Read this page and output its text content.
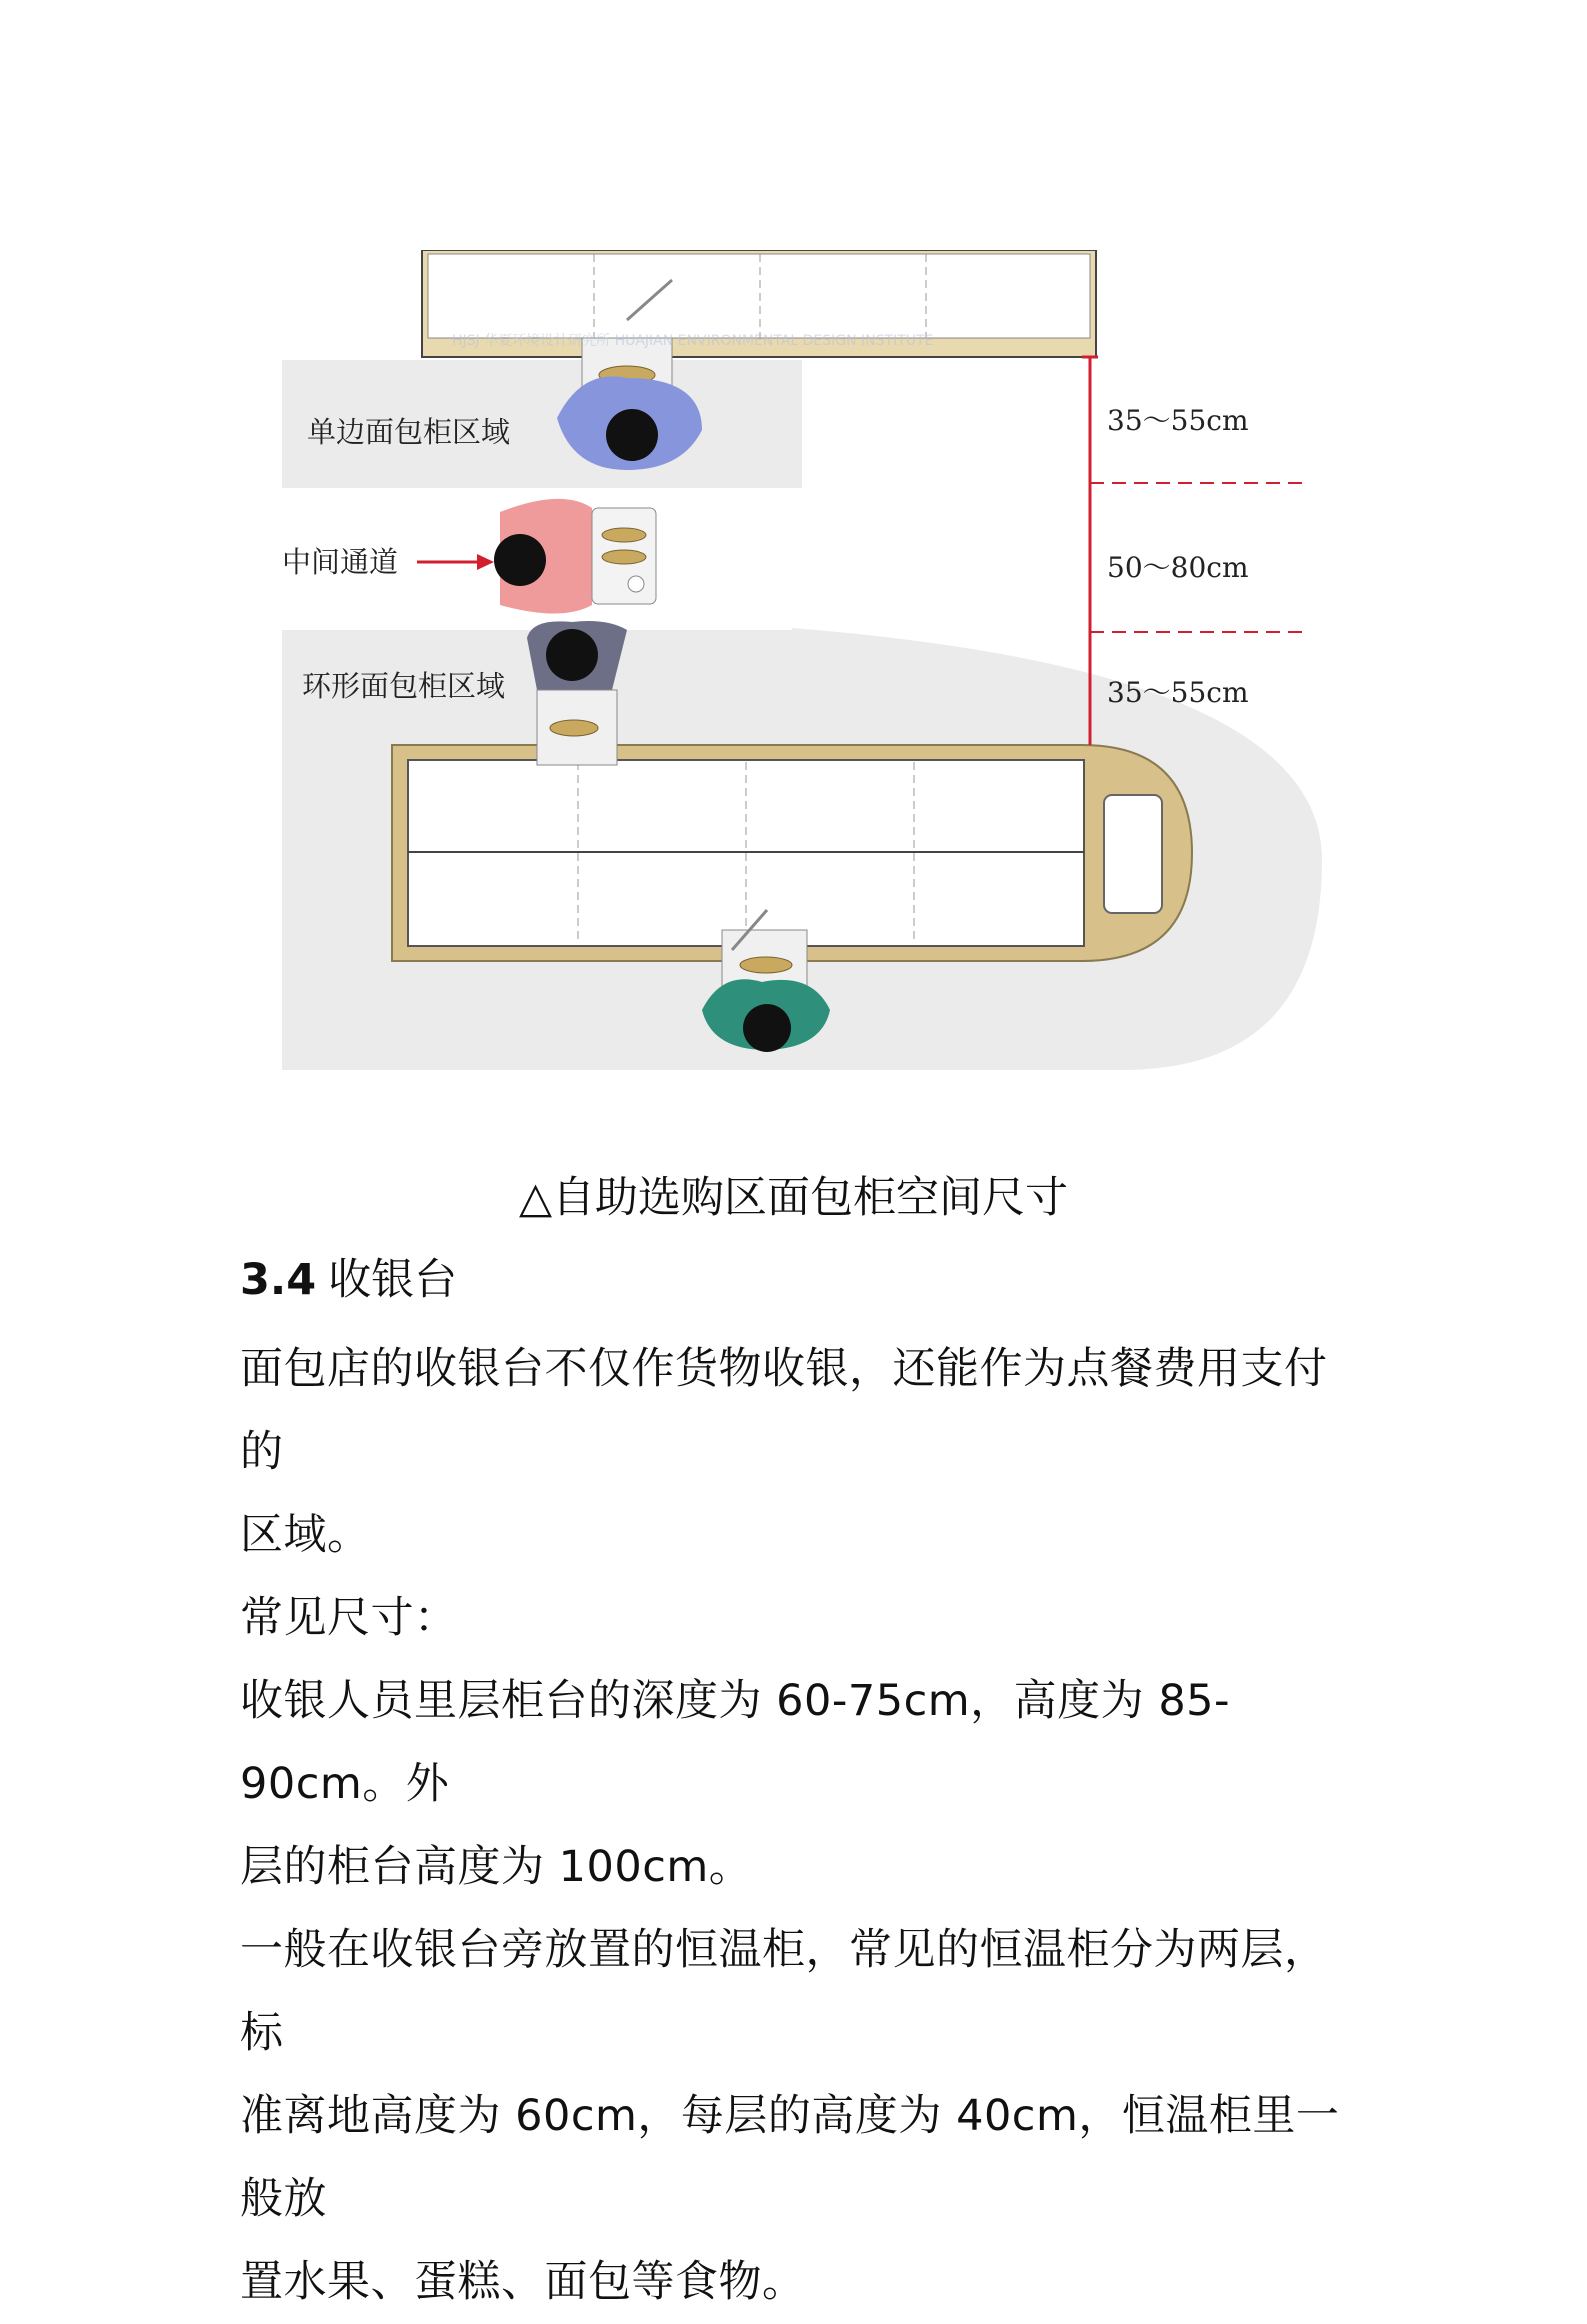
单边面包柜区域
中间通道
环形面包柜区域
35～55cm
50～80cm
35～55cm
HJSJ 华夏环境设计研究所 HUAJIAN ENVIRONMENTAL DESIGN INSTITUTE
△自助选购区面包柜空间尺寸
3.4 收银台

面包店的收银台不仅作货物收银，还能作为点餐费用支付的

区域。

常见尺寸：

收银人员里层柜台的深度为 60-75cm，高度为 85-90cm。外

层的柜台高度为 100cm。

一般在收银台旁放置的恒温柜，常见的恒温柜分为两层，标

准离地高度为 60cm，每层的高度为 40cm，恒温柜里一般放

置水果、蛋糕、面包等食物。
